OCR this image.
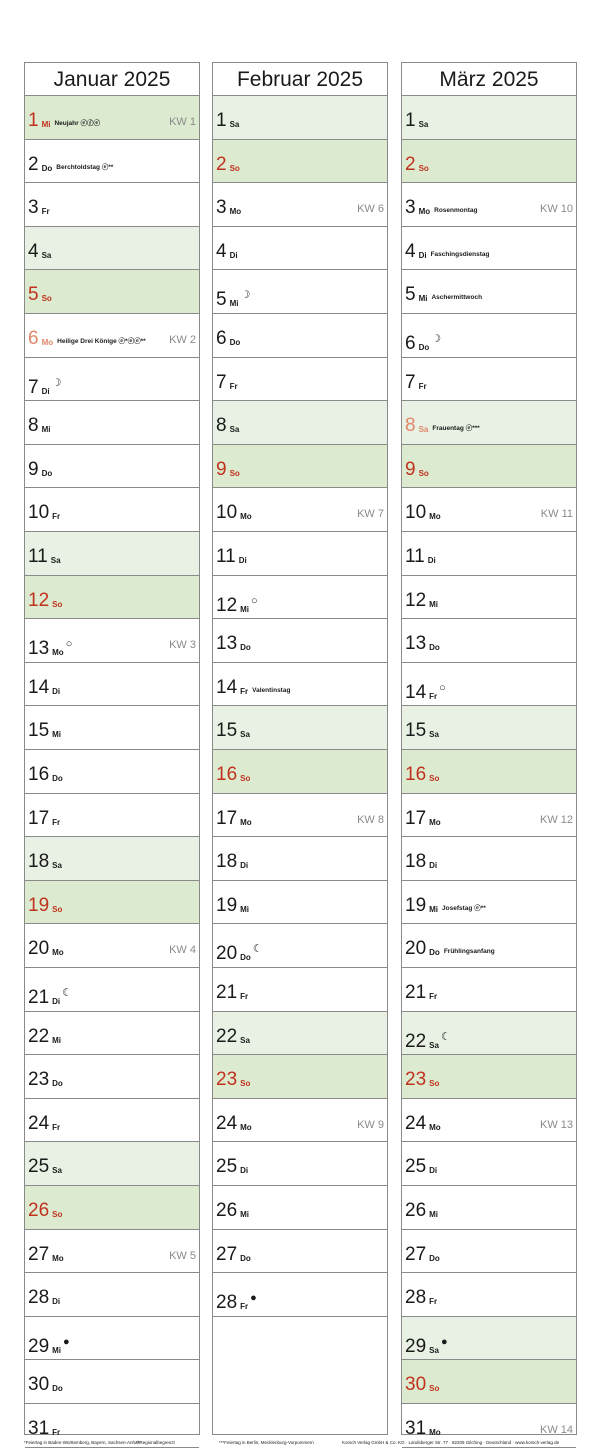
Januar 2025
1 Mi Neujahr ⓔⓕⓔ	KW 1
2 Do Berchtoldstag ⓔ**
3 Fr
4 Sa
5 So
6 Mo Heilige Drei Könige ⓔ*ⓔⓔ** KW 2
7 Di☽
8 Mi
9 Do
10 Fr
11 Sa
12 So
13 Mo○	KW 3
14 Di
15 Mi
16 Do
17 Fr
18 Sa
19 So
20 Mo	KW 4
21 Di☾
22 Mi
23 Do
24 Fr
25 Sa
26 So
27 Mo	KW 5
28 Di
29 Mi●
30 Do
31 Fr
Februar 2025
1 Sa
2 So
3 Mo	KW 6
4 Di
5 Mi☽
6 Do
7 Fr
8 Sa
9 So
10 Mo	KW 7
11 Di
12 Mi○
13 Do
14 Fr Valentinstag
15 Sa
16 So
17 Mo	KW 8
18 Di
19 Mi
20 Do☾
21 Fr
22 Sa
23 So
24 Mo	KW 9
25 Di
26 Mi
27 Do
28 Fr●
März 2025
1 Sa
2 So
3 Mo Rosenmontag	KW 10
4 Di Faschingsdienstag
5 Mi Aschermittwoch
6 Do☽
7 Fr
8 Sa Frauentag ⓔ***
9 So
10 Mo	KW 11
11 Di
12 Mi
13 Do
14 Fr○
15 Sa
16 So
17 Mo	KW 12
18 Di
19 Mi Josefstag ⓔ**
20 Do Frühlingsanfang
21 Fr
22 Sa☾
23 So
24 Mo	KW 13
25 Di
26 Mi
27 Do
28 Fr
29 Sa●
30 So
31 Mo	KW 14
*Feiertag in Baden-Württemberg, Bayern, Sachsen-Anhalt
**Regionalbegrenzt	***Feiertag in Berlin, Mecklenburg-Vorpommern	Korsch Verlag GmbH & Co. KG · Landsberger Str. 77 · 82205 Gilching · Deutschland · www.korsch-verlag.de
